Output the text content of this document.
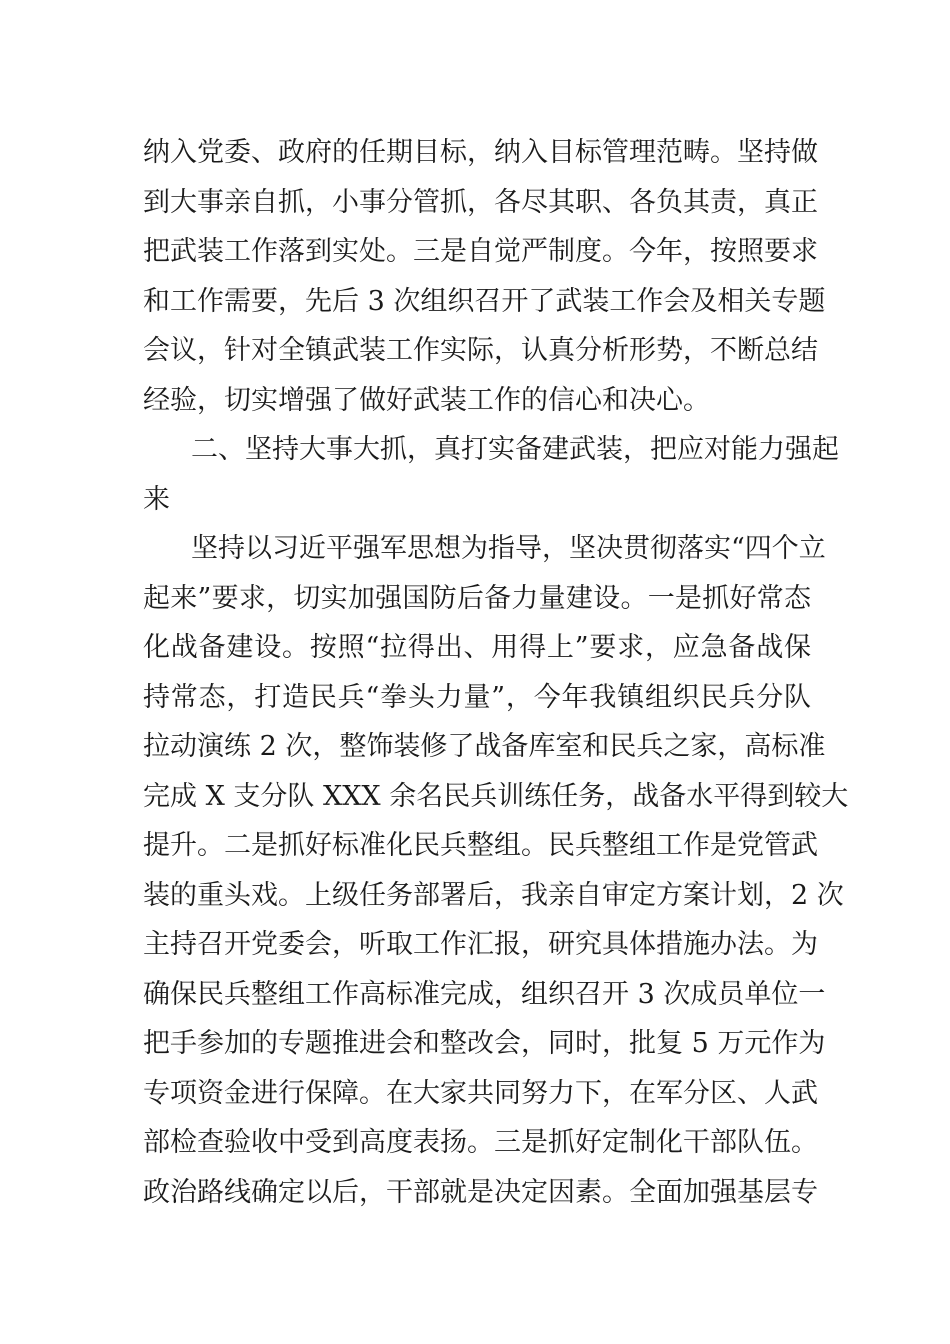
纳入党委、政府的任期目标，纳入目标管理范畴。坚持做
到大事亲自抓，小事分管抓，各尽其职、各负其责，真正
把武装工作落到实处。三是自觉严制度。今年，按照要求
和工作需要，先后 3 次组织召开了武装工作会及相关专题
会议，针对全镇武装工作实际，认真分析形势，不断总结
经验，切实增强了做好武装工作的信心和决心。
二、坚持大事大抓，真打实备建武装，把应对能力强起
来
坚持以习近平强军思想为指导，坚决贯彻落实“四个立
起来”要求，切实加强国防后备力量建设。一是抓好常态
化战备建设。按照“拉得出、用得上”要求，应急备战保
持常态，打造民兵“拳头力量”，今年我镇组织民兵分队
拉动演练 2 次，整饰装修了战备库室和民兵之家，高标准
完成 X 支分队 XXX 余名民兵训练任务，战备水平得到较大
提升。二是抓好标准化民兵整组。民兵整组工作是党管武
装的重头戏。上级任务部署后，我亲自审定方案计划，2 次
主持召开党委会，听取工作汇报，研究具体措施办法。为
确保民兵整组工作高标准完成，组织召开 3 次成员单位一
把手参加的专题推进会和整改会，同时，批复 5 万元作为
专项资金进行保障。在大家共同努力下，在军分区、人武
部检查验收中受到高度表扬。三是抓好定制化干部队伍。
政治路线确定以后，干部就是决定因素。全面加强基层专
